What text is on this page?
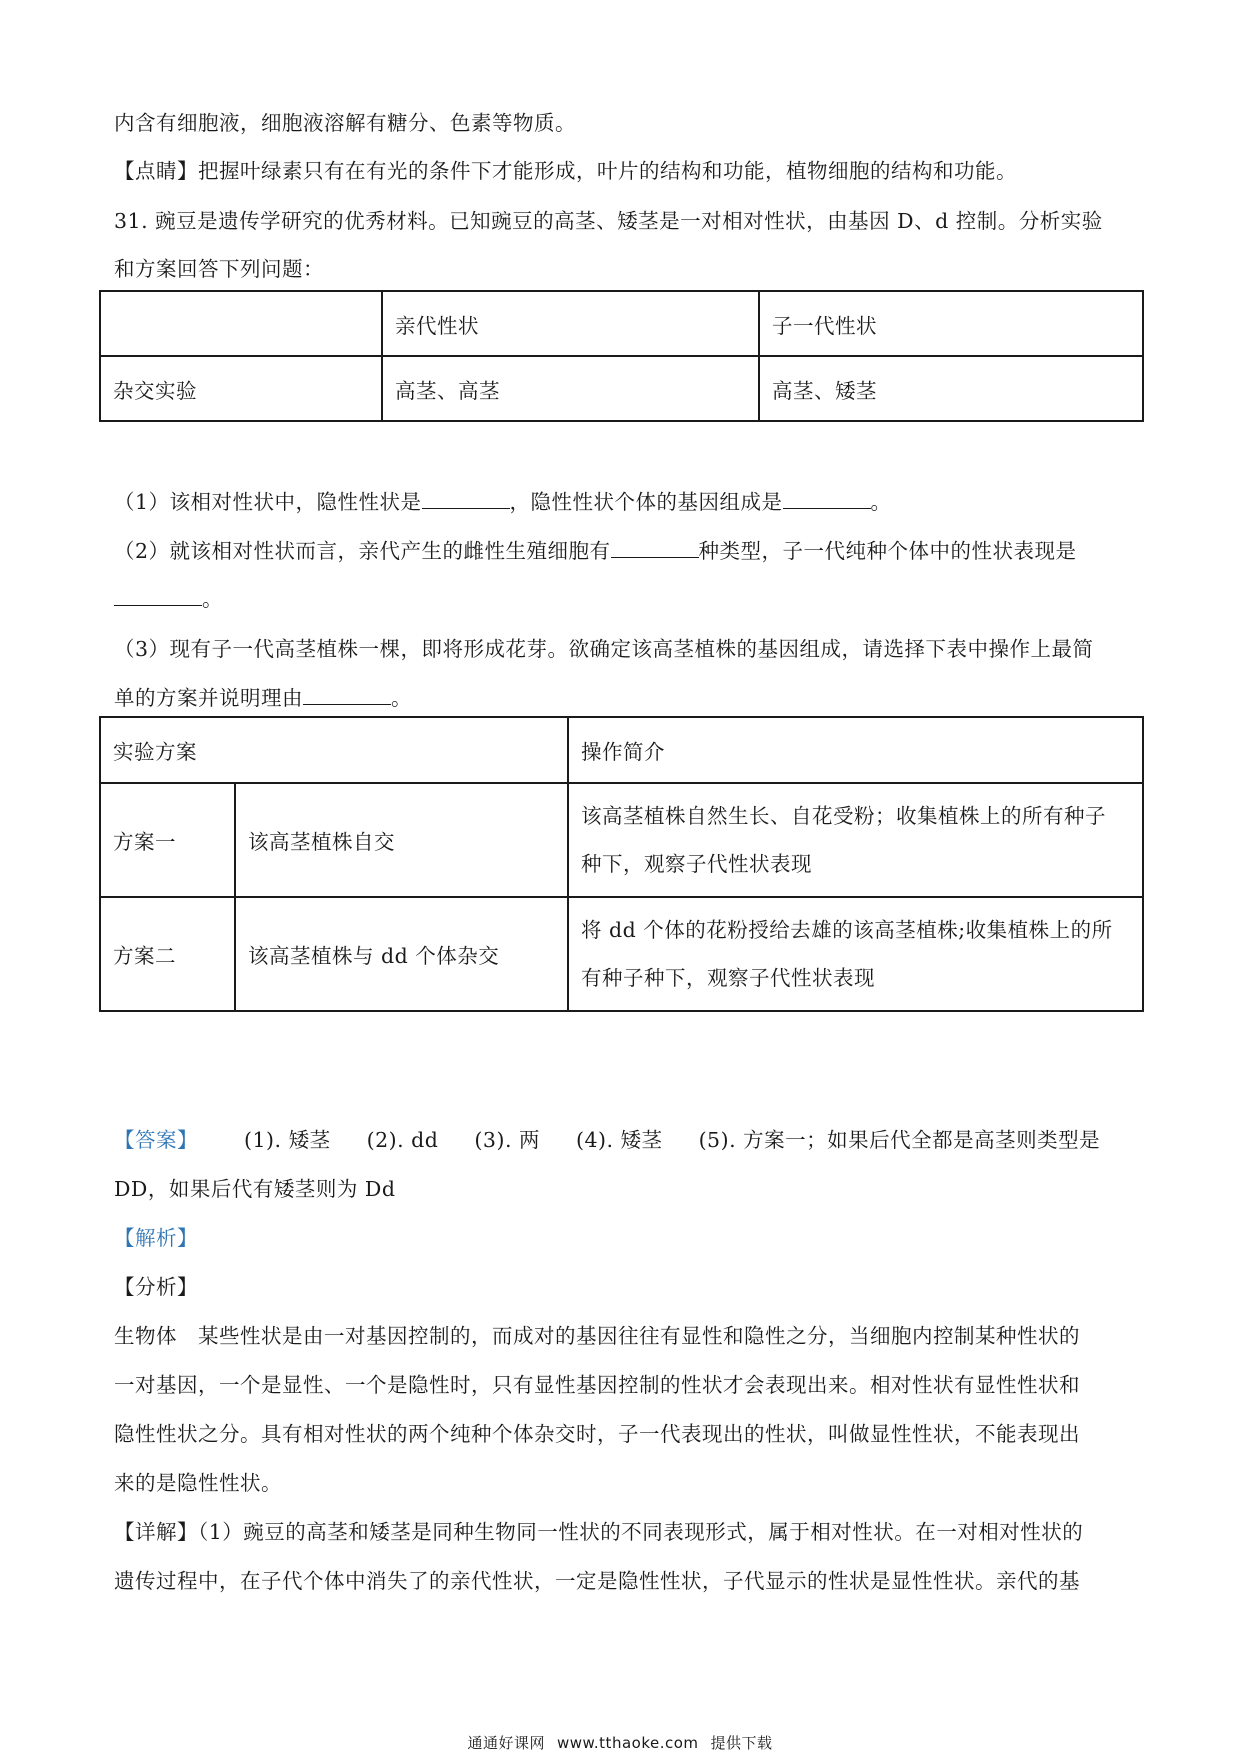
内含有细胞液，细胞液溶解有糖分、色素等物质。
【点睛】把握叶绿素只有在有光的条件下才能形成，叶片的结构和功能，植物细胞的结构和功能。
31. 豌豆是遗传学研究的优秀材料。已知豌豆的高茎、矮茎是一对相对性状，由基因 D、d 控制。分析实验
和方案回答下列问题：
	亲代性状	子一代性状
杂交实验	高茎、高茎	高茎、矮茎
（1）该相对性状中，隐性性状是	，隐性性状个体的基因组成是	。
（2）就该相对性状而言，亲代产生的雌性生殖细胞有	种类型，子一代纯种个体中的性状表现是
。
（3）现有子一代高茎植株一棵，即将形成花芽。欲确定该高茎植株的基因组成，请选择下表中操作上最简
单的方案并说明理由	。
实验方案		操作简介
方案一	该高茎植株自交	该高茎植株自然生长、自花受粉；收集植株上的所有种子
种下，观察子代性状表现

方案二	该高茎植株与 dd 个体杂交	将 dd 个体的花粉授给去雄的该高茎植株;收集植株上的所
有种子种下，观察子代性状表现
【答案】 (1). 矮茎 (2). dd (3). 两 (4). 矮茎 (5). 方案一；如果后代全都是高茎则类型是
DD，如果后代有矮茎则为 Dd
【解析】
【分析】
生物体　某些性状是由一对基因控制的，而成对的基因往往有显性和隐性之分，当细胞内控制某种性状的
一对基因，一个是显性、一个是隐性时，只有显性基因控制的性状才会表现出来。相对性状有显性性状和
隐性性状之分。具有相对性状的两个纯种个体杂交时，子一代表现出的性状，叫做显性性状，不能表现出
来的是隐性性状。
【详解】（1）豌豆的高茎和矮茎是同种生物同一性状的不同表现形式，属于相对性状。在一对相对性状的
遗传过程中，在子代个体中消失了的亲代性状，一定是隐性性状，子代显示的性状是显性性状。亲代的基
通通好课网 www.tthaoke.com 提供下载
